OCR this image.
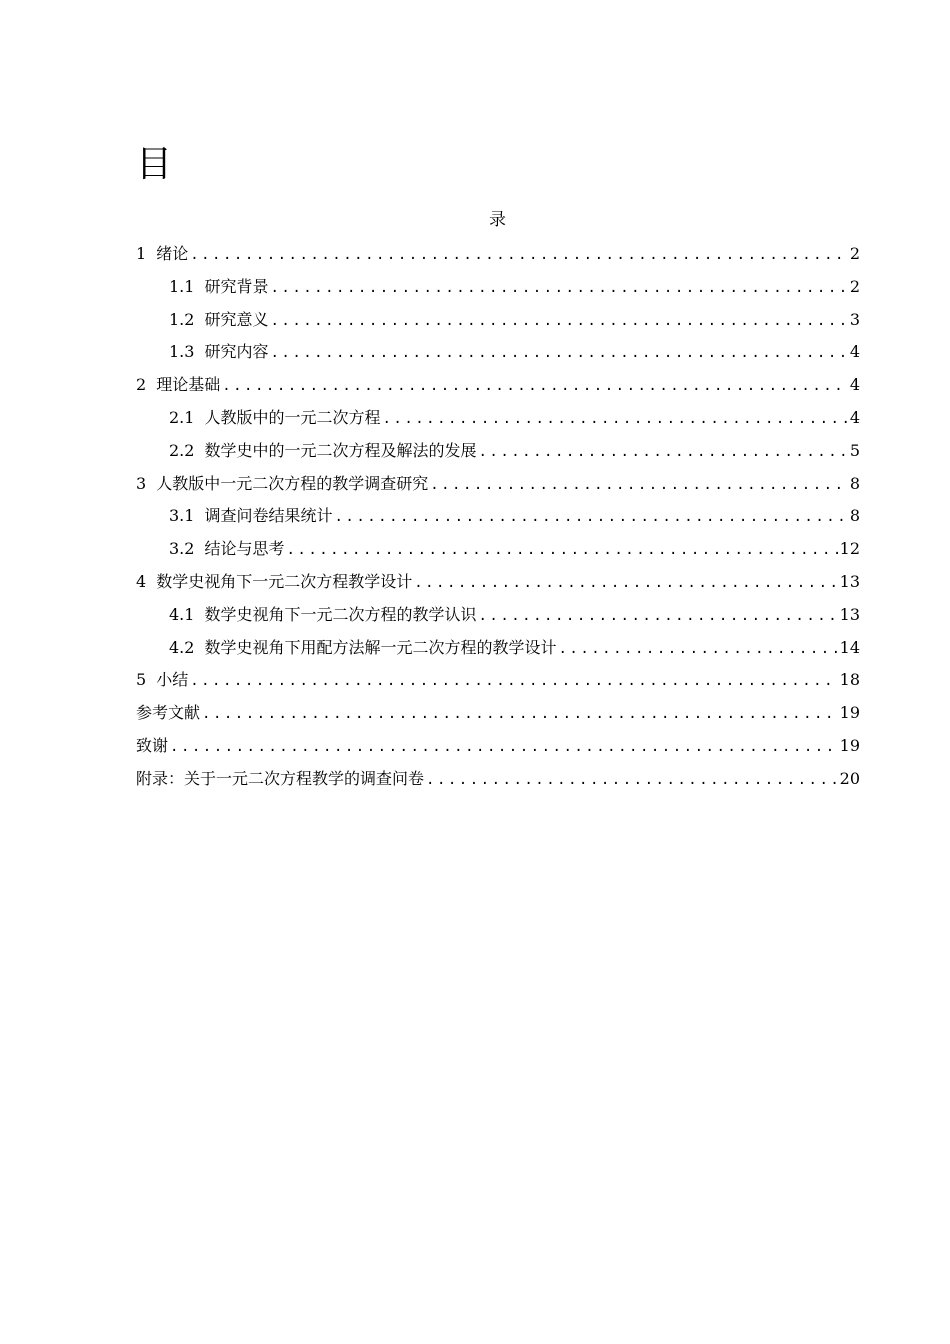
目
录
1 绪论 .....	2
1.1 研究背景 .....	2
1.2 研究意义 .....	3
1.3 研究内容 .....	4
2 理论基础 .....	4
2.1 人教版中的一元二次方程 .....	4
2.2 数学史中的一元二次方程及解法的发展 .....	5
3 人教版中一元二次方程的教学调查研究 .....	8
3.1 调查问卷结果统计 .....	8
3.2 结论与思考 .....	12
4 数学史视角下一元二次方程教学设计 .....	13
4.1 数学史视角下一元二次方程的教学认识 .....	13
4.2 数学史视角下用配方法解一元二次方程的教学设计 .....	14
5 小结 .....	18
参考文献 .....	19
致谢 .....	19
附录：关于一元二次方程教学的调查问卷 .....	20
